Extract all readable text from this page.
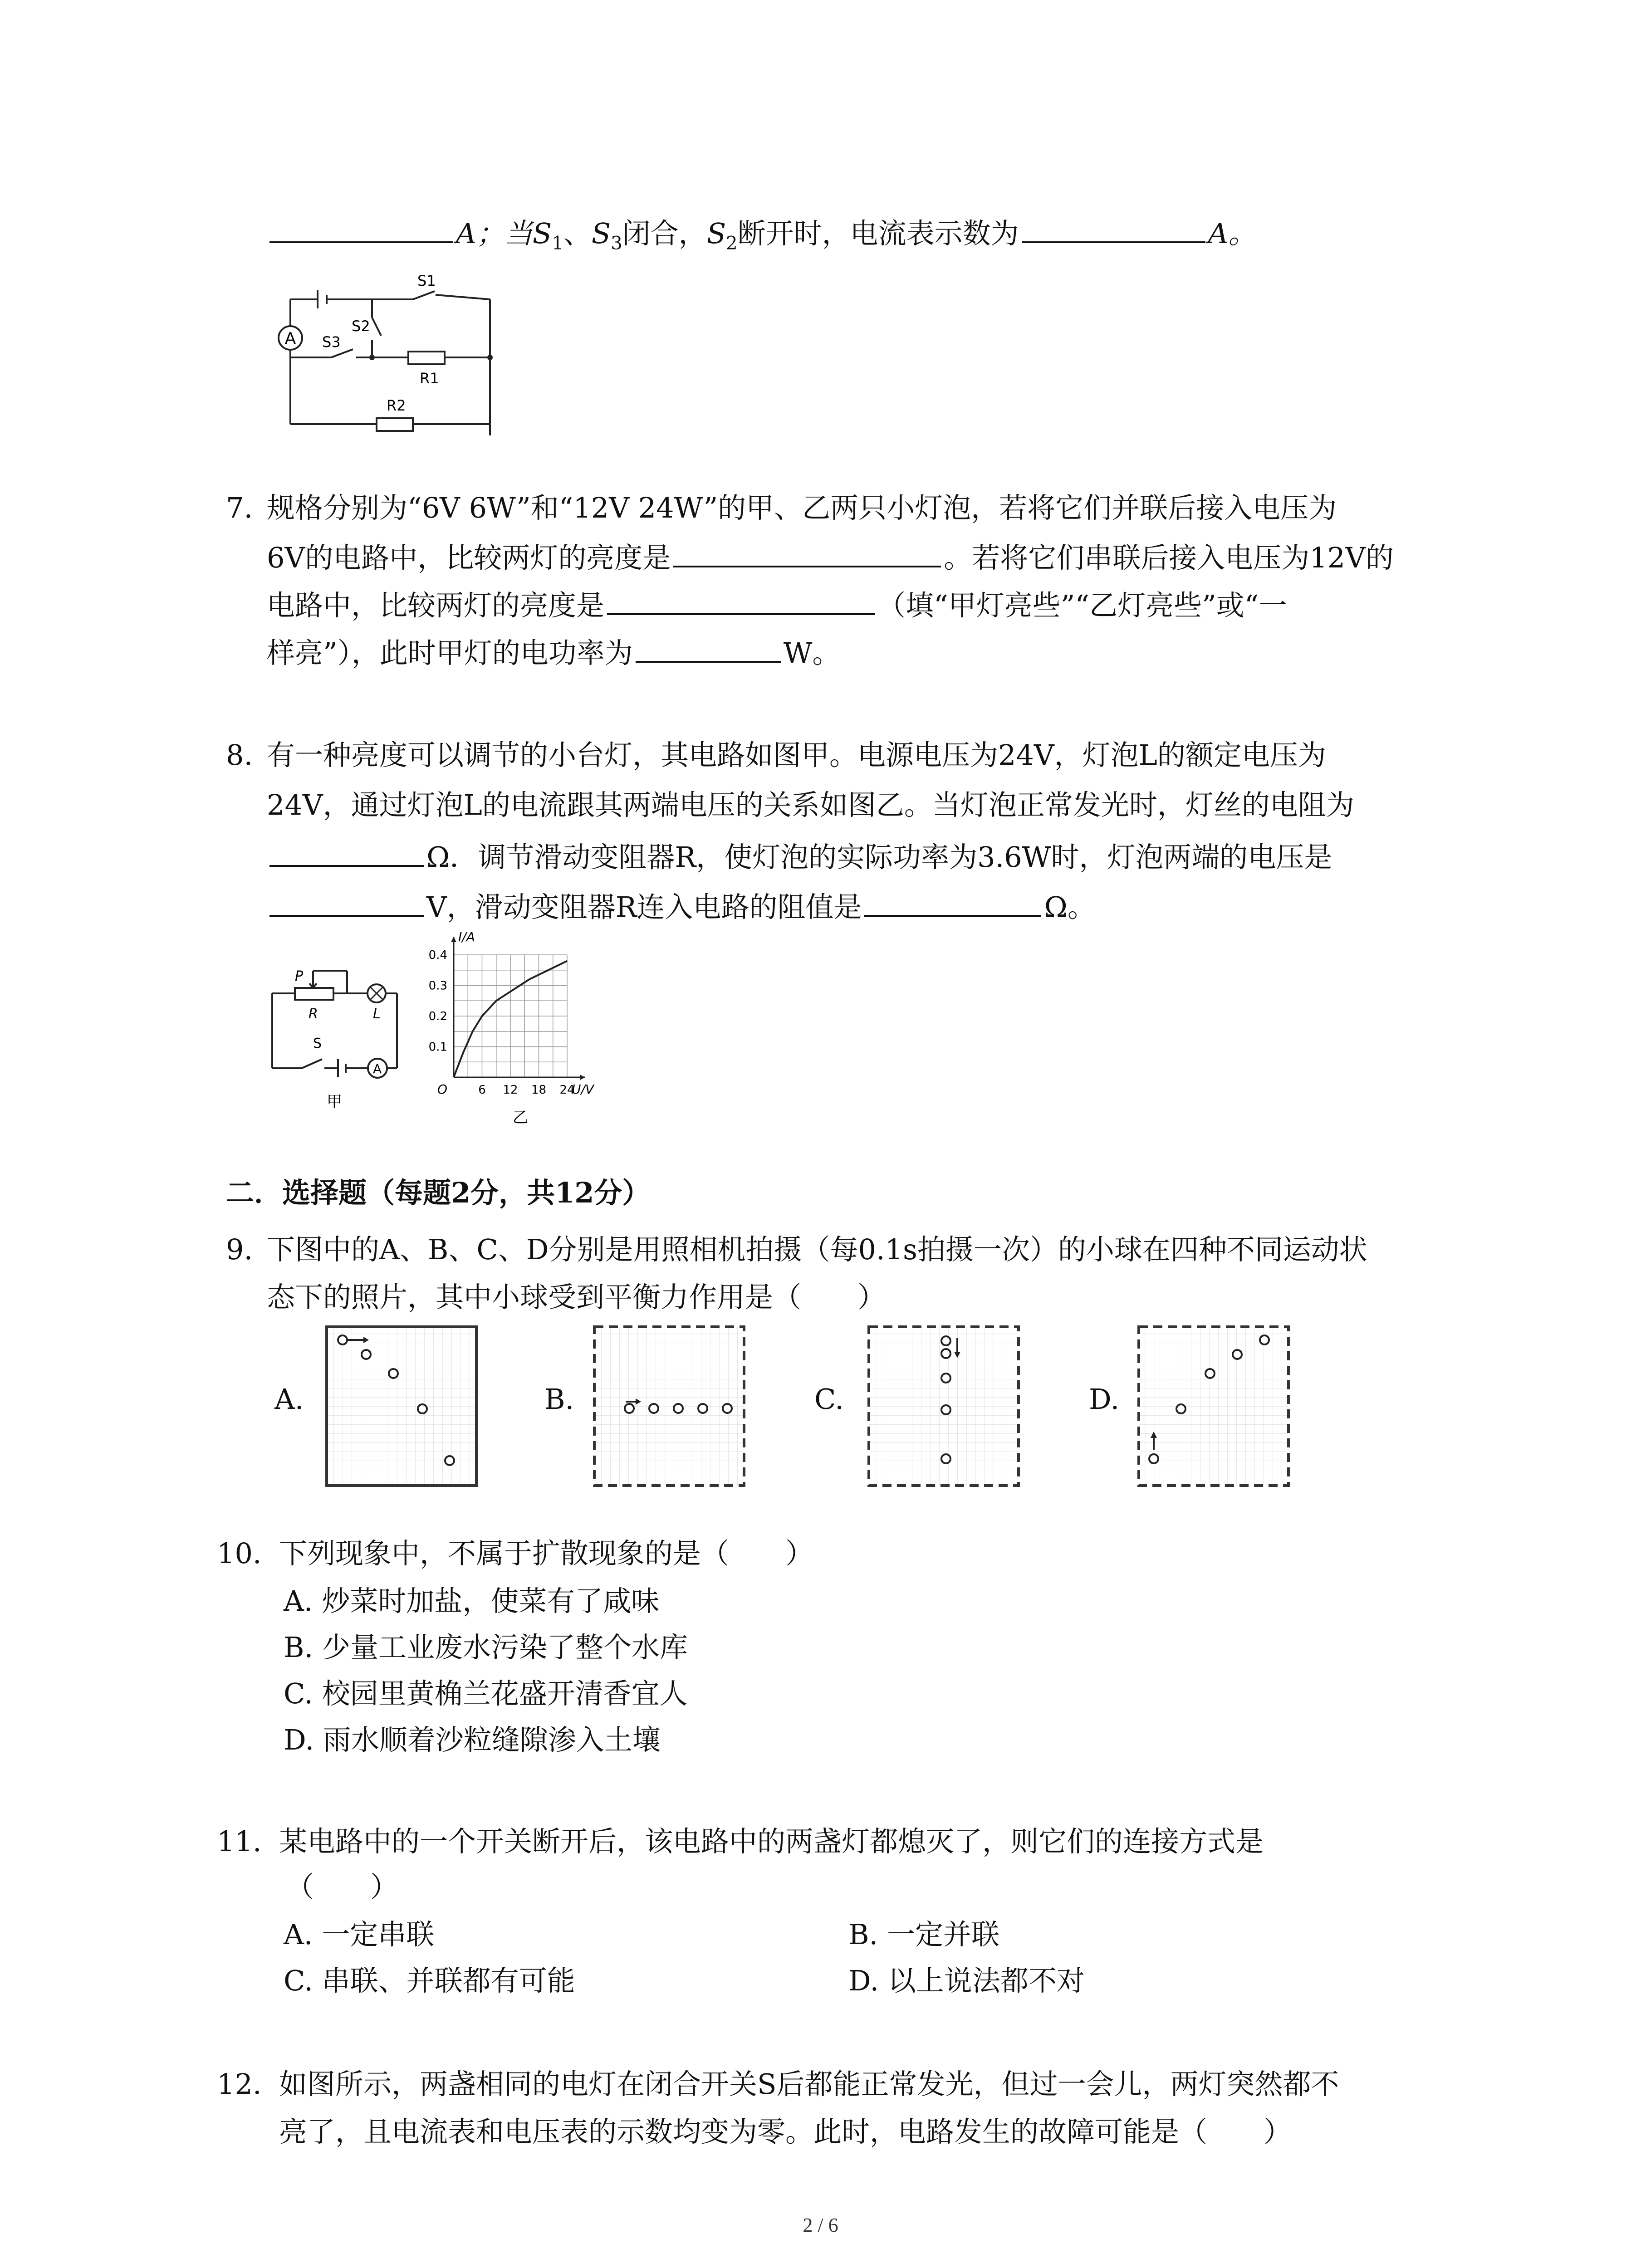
A；当$S_1$、$S_3$闭合，$S_2$断开时，电流表示数为	A。
A
S1
S2
S3
R1
R2
7. 规格分别为“6V 6W”和“12V 24W”的甲、乙两只小灯泡，若将它们并联后接入电压为
6V的电路中，比较两灯的亮度是	。若将它们串联后接入电压为12V的
电路中，比较两灯的亮度是	（填“甲灯亮些”“乙灯亮些”或“一
样亮”），此时甲灯的电功率为	W。
8. 有一种亮度可以调节的小台灯，其电路如图甲。电源电压为24V，灯泡L的额定电压为
24V，通过灯泡L的电流跟其两端电压的关系如图乙。当灯泡正常发光时，灯丝的电阻为
Ω．调节滑动变阻器R，使灯泡的实际功率为3.6W时，灯泡两端的电压是
V，滑动变阻器R连入电路的阻值是	Ω。
P
R	L
S
A
甲
6 12 18 24
0.1
0.2
0.3
0.4
I/A
U/V
O
乙
二．选择题（每题2分，共12分）
9. 下图中的A、B、C、D分别是用照相机拍摄（每0.1s拍摄一次）的小球在四种不同运动状
态下的照片，其中小球受到平衡力作用是（　　）
A.	B.	C.	D.
10. 下列现象中，不属于扩散现象的是（　　）
A. 炒菜时加盐，使菜有了咸味
B. 少量工业废水污染了整个水库
C. 校园里黄桷兰花盛开清香宜人
D. 雨水顺着沙粒缝隙渗入土壤
11. 某电路中的一个开关断开后，该电路中的两盏灯都熄灭了，则它们的连接方式是
（　　）
A. 一定串联	B. 一定并联
C. 串联、并联都有可能	D. 以上说法都不对
12. 如图所示，两盏相同的电灯在闭合开关S后都能正常发光，但过一会儿，两灯突然都不
亮了，且电流表和电压表的示数均变为零。此时，电路发生的故障可能是（　　）
2 / 6
